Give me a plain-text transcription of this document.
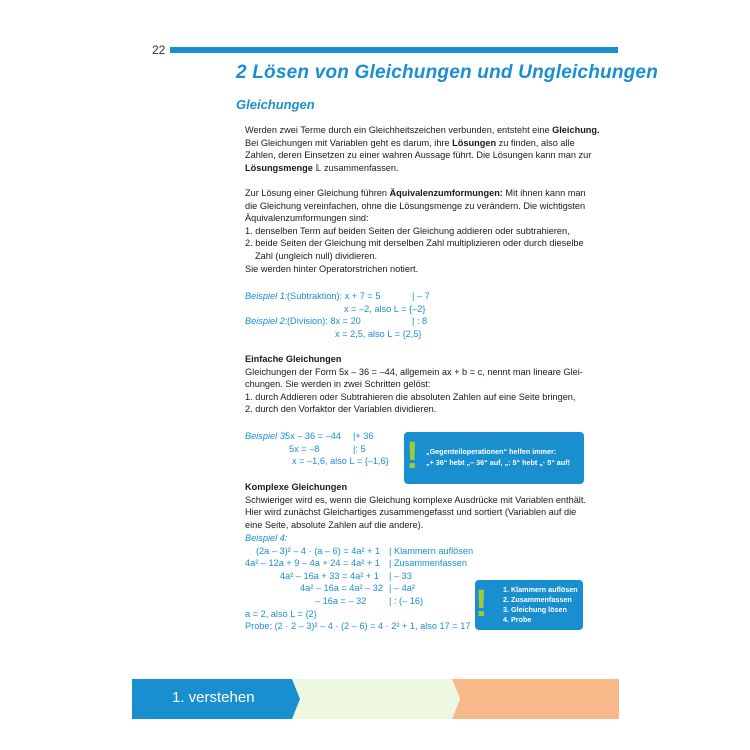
22
2 Lösen von Gleichungen und Ungleichungen
Gleichungen
Werden zwei Terme durch ein Gleichheitszeichen verbunden, entsteht eine Gleichung.
Bei Gleichungen mit Variablen geht es darum, ihre Lösungen zu finden, also alle
Zahlen, deren Einsetzen zu einer wahren Aussage führt. Die Lösungen kann man zur
Lösungsmenge 𝕃 zusammenfassen.
Zur Lösung einer Gleichung führen Äquivalenzumformungen: Mit ihnen kann man
die Gleichung vereinfachen, ohne die Lösungsmenge zu verändern. Die wichtigsten
Äquivalenzumformungen sind:
1. denselben Term auf beiden Seiten der Gleichung addieren oder subtrahieren,
2. beide Seiten der Gleichung mit derselben Zahl multiplizieren oder durch dieselbe
Zahl (ungleich null) dividieren.
Sie werden hinter Operatorstrichen notiert.
Beispiel 1: (Subtraktion): x + 7 = 5	| – 7
x = –2, also L = {–2}
Beispiel 2: (Division): 8x = 20	| : 8
x = 2,5, also L = {2,5}
Einfache Gleichungen
Gleichungen der Form 5x – 36 = –44, allgemein ax + b = c, nennt man lineare Glei-
chungen. Sie werden in zwei Schritten gelöst:
1. durch Addieren oder Subtrahieren die absoluten Zahlen auf eine Seite bringen,
2. durch den Vorfaktor der Variablen dividieren.
Beispiel 3:
5x – 36 = –44 |+ 36
5x = –8	|: 5
x = –1,6, also L = {–1,6} ! „Gegenteiloperationen“ helfen immer:
„+ 36“ hebt „– 36“ auf, „: 5“ hebt „· 5“ auf!
Komplexe Gleichungen
Schwieriger wird es, wenn die Gleichung komplexe Ausdrücke mit Variablen enthält.
Hier wird zunächst Gleichartiges zusammengefasst und sortiert (Variablen auf die
eine Seite, absolute Zahlen auf die andere).
Beispiel 4:
(2a – 3)² – 4 · (a – 6) = 4a² + 1 | Klammern auflösen
4a² – 12a + 9 – 4a + 24 = 4a² + 1 | Zusammenfassen
4a² – 16a + 33 = 4a² + 1 | – 33
4a² – 16a = 4a² – 32 | – 4a²
– 16a = – 32 | : (– 16)
a = 2, also L = {2}
Probe: (2 · 2 – 3)² – 4 · (2 – 6) = 4 · 2² + 1, also 17 = 17
! 1. Klammern auflösen
2. Zusammenfassen
3. Gleichung lösen
4. Probe
1. verstehen
